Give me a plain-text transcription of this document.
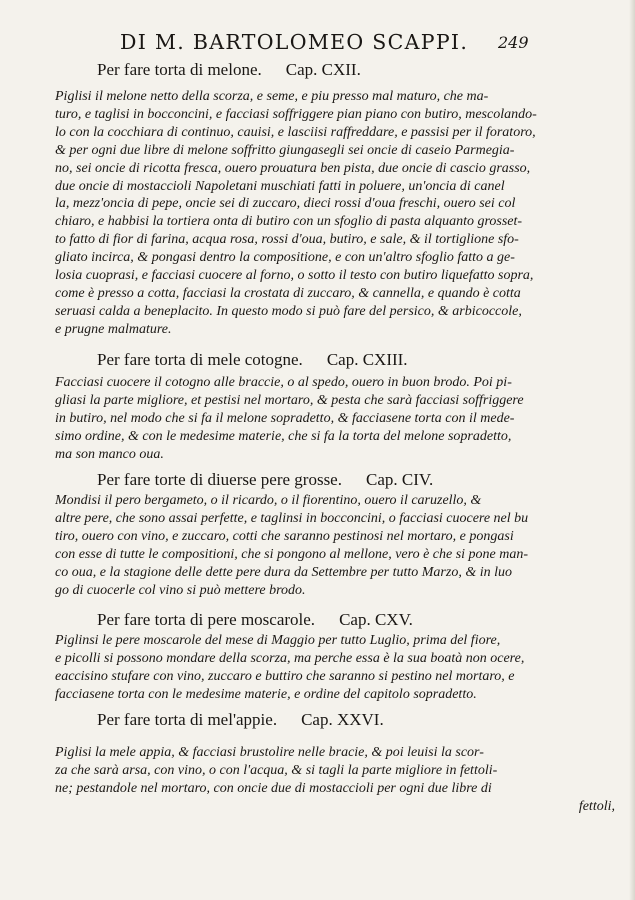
DI M. BARTOLOMEO SCAPPI. 249
Per fare torta di melone. Cap. CXII.
Piglisi il melone netto della scorza, e seme, e piu presso mal maturo, che ma-
turo, e taglisi in bocconcini, e facciasi soffriggere pian piano con butiro, mescolando-
lo con la cocchiara di continuo, cauisi, e lasciisi raffreddare, e passisi per il foratoro,
& per ogni due libre di melone soffritto giungasegli sei oncie di caseio Parmegia-
no, sei oncie di ricotta fresca, ouero prouatura ben pista, due oncie di cascio grasso,
due oncie di mostaccioli Napoletani muschiati fatti in poluere, un'oncia di canel
la, mezz'oncia di pepe, oncie sei di zuccaro, dieci rossi d'oua freschi, ouero sei col
chiaro, e habbisi la tortiera onta di butiro con un sfoglio di pasta alquanto grosset-
to fatto di fior di farina, acqua rosa, rossi d'oua, butiro, e sale, & il tortiglione sfo-
gliato incirca, & pongasi dentro la compositione, e con un'altro sfoglio fatto a ge-
losia cuoprasi, e facciasi cuocere al forno, o sotto il testo con butiro liquefatto sopra,
come è presso a cotta, facciasi la crostata di zuccaro, & cannella, e quando è cotta
seruasi calda a beneplacito. In questo modo si può fare del persico, & arbicoccole,
e prugne malmature.
Per fare torta di mele cotogne. Cap. CXIII.
Facciasi cuocere il cotogno alle braccie, o al spedo, ouero in buon brodo. Poi pi-
gliasi la parte migliore, et pestisi nel mortaro, & pesta che sarà facciasi soffriggere
in butiro, nel modo che si fa il melone sopradetto, & facciasene torta con il mede-
simo ordine, & con le medesime materie, che si fa la torta del melone sopradetto,
ma son manco oua.
Per fare torte di diuerse pere grosse. Cap. CIV.
Mondisi il pero bergameto, o il ricardo, o il fiorentino, ouero il caruzello, &
altre pere, che sono assai perfette, e taglinsi in bocconcini, o facciasi cuocere nel bu
tiro, ouero con vino, e zuccaro, cotti che saranno pestinosi nel mortaro, e pongasi
con esse di tutte le compositioni, che si pongono al mellone, vero è che si pone man-
co oua, e la stagione delle dette pere dura da Settembre per tutto Marzo, & in luo
go di cuocerle col vino si può mettere brodo.
Per fare torta di pere moscarole. Cap. CXV.
Piglinsi le pere moscarole del mese di Maggio per tutto Luglio, prima del fiore,
e picolli si possono mondare della scorza, ma perche essa è la sua boatà non ocere,
eaccisino stufare con vino, zuccaro e buttiro che saranno si pestino nel mortaro, e
facciasene torta con le medesime materie, e ordine del capitolo sopradetto.
Per fare torta di mel'appie. Cap. XXVI.
Piglisi la mele appia, & facciasi brustolire nelle bracie, & poi leuisi la scor-
za che sarà arsa, con vino, o con l'acqua, & si tagli la parte migliore in fettoli-
ne; pestandole nel mortaro, con oncie due di mostaccioli per ogni due libre di
fettoli,
